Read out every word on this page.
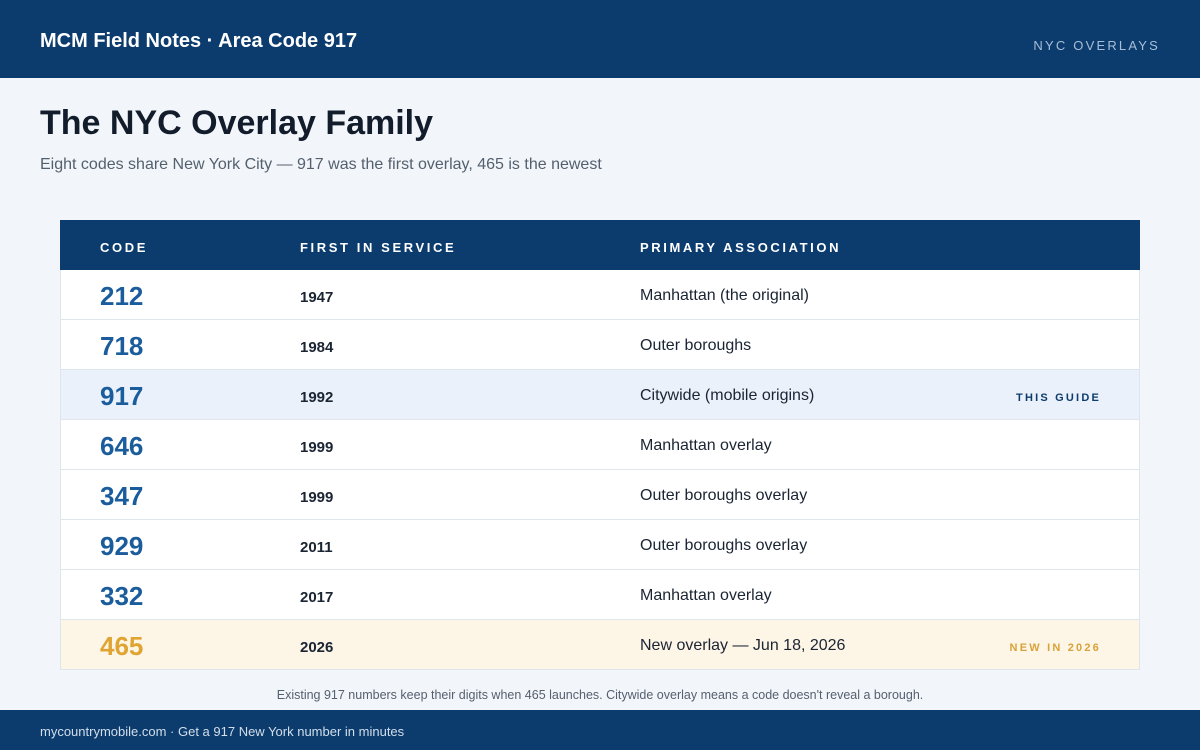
MCM Field Notes · Area Code 917	NYC OVERLAYS
The NYC Overlay Family

Eight codes share New York City — 917 was the first overlay, 465 is the newest

CODE	FIRST IN SERVICE	PRIMARY ASSOCIATION
212	1947	Manhattan (the original)
718	1984	Outer boroughs
917	1992	Citywide (mobile origins)	THIS GUIDE
646	1999	Manhattan overlay
347	1999	Outer boroughs overlay
929	2011	Outer boroughs overlay
332	2017	Manhattan overlay
465	2026	New overlay — Jun 18, 2026	NEW IN 2026

Existing 917 numbers keep their digits when 465 launches. Citywide overlay means a code doesn't reveal a borough.

mycountrymobile.com · Get a 917 New York number in minutes
